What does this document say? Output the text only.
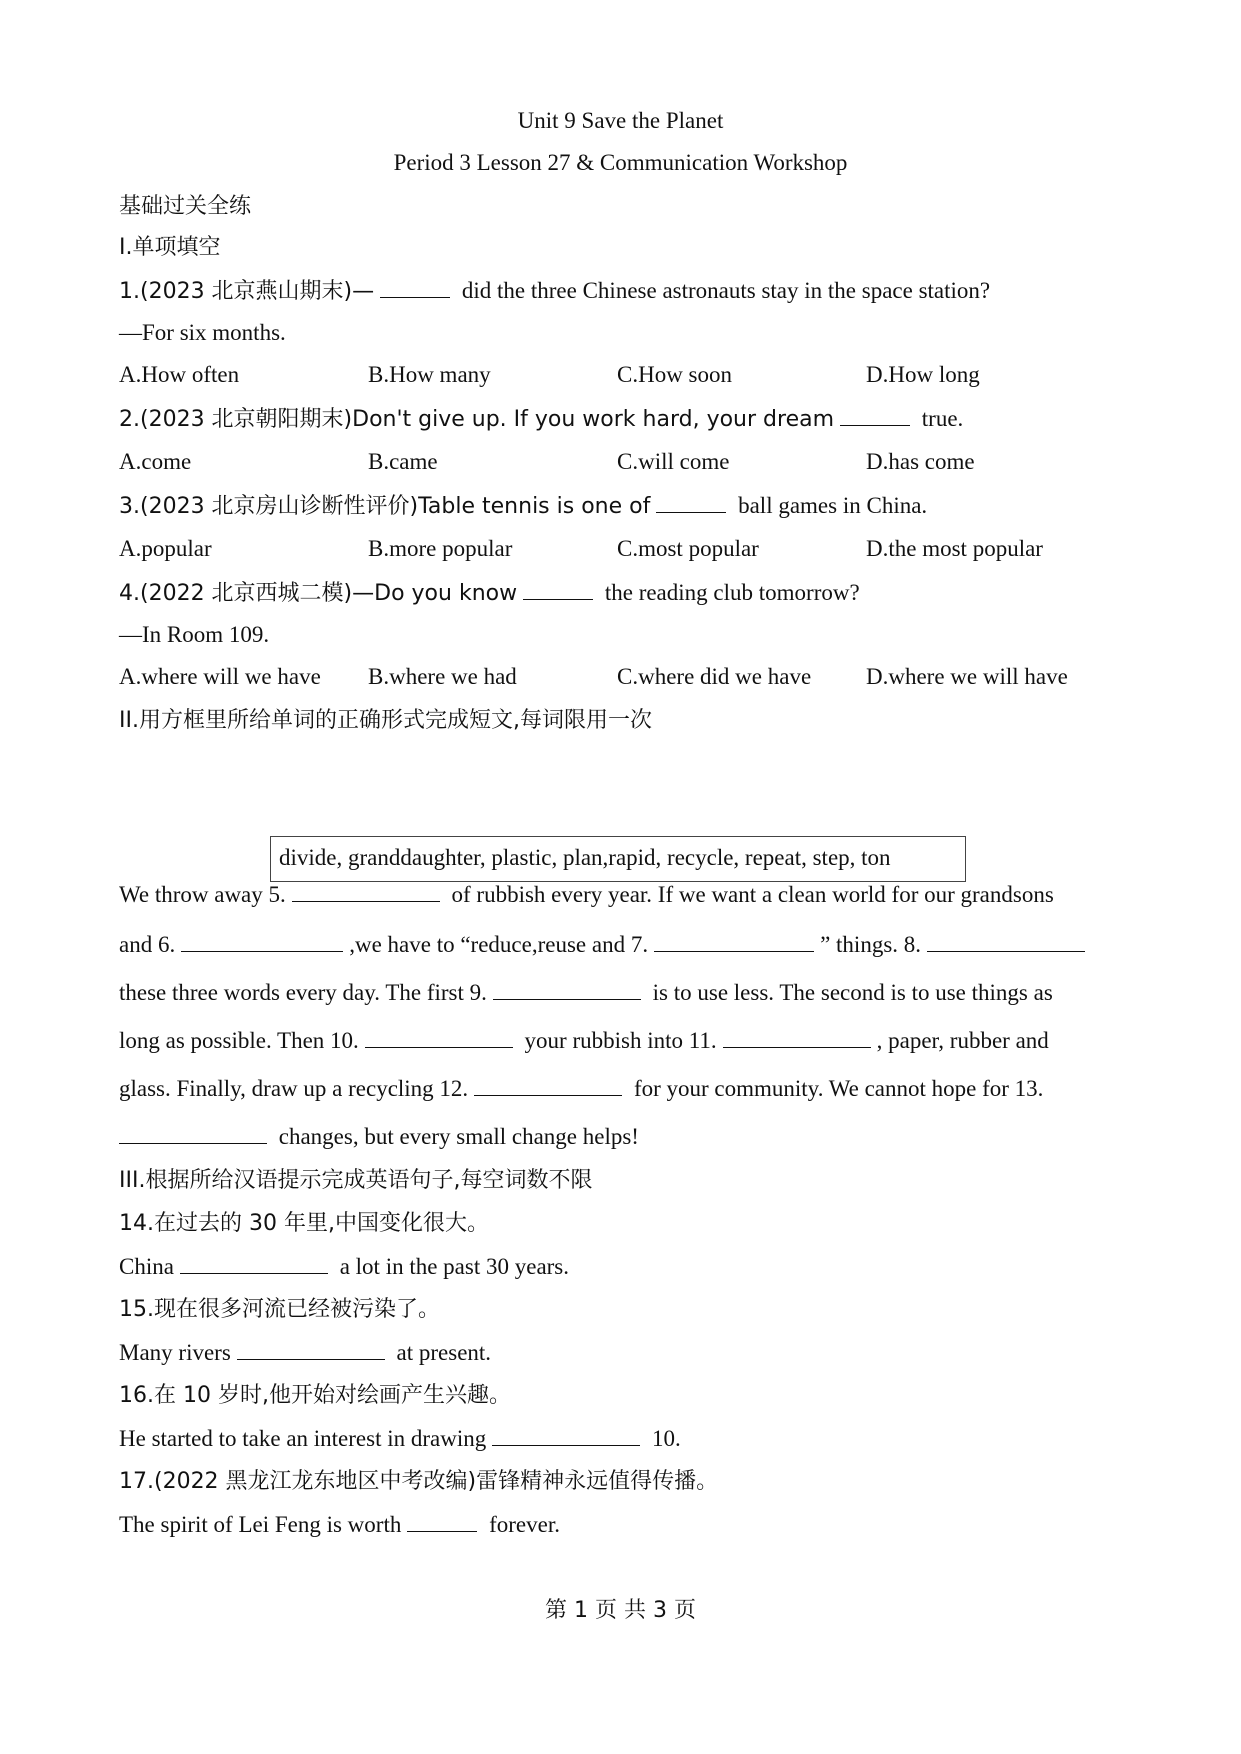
Unit 9 Save the Planet
Period 3 Lesson 27 & Communication Workshop
基础过关全练
I.单项填空
1.(2023 北京燕山期末)—	did the three Chinese astronauts stay in the space station?
—For six months.
A.How often	B.How many	C.How soon	D.How long
2.(2023 北京朝阳期末)Don't give up. If you work hard, your dream	true.
A.come	B.came	C.will come	D.has come
3.(2023 北京房山诊断性评价)Table tennis is one of	ball games in China.
A.popular	B.more popular	C.most popular	D.the most popular
4.(2022 北京西城二模)—Do you know	the reading club tomorrow?
—In Room 109.
A.where will we have B.where we had	C.where did we have D.where we will have
II.用方框里所给单词的正确形式完成短文,每词限用一次
divide, granddaughter, plastic, plan,rapid, recycle, repeat, step, ton
We throw away 5.	of rubbish every year. If we want a clean world for our grandsons
and 6.	,we have to “reduce,reuse and 7.	” things. 8.
these three words every day. The first 9.	is to use less. The second is to use things as
long as possible. Then 10.	your rubbish into 11.	, paper, rubber and
glass. Finally, draw up a recycling 12.	for your community. We cannot hope for 13.
changes, but every small change helps!
III.根据所给汉语提示完成英语句子,每空词数不限
14.在过去的 30 年里,中国变化很大。
China	a lot in the past 30 years.
15.现在很多河流已经被污染了。
Many rivers	at present.
16.在 10 岁时,他开始对绘画产生兴趣。
He started to take an interest in drawing	10.
17.(2022 黑龙江龙东地区中考改编)雷锋精神永远值得传播。
The spirit of Lei Feng is worth	forever.
第 1 页 共 3 页
